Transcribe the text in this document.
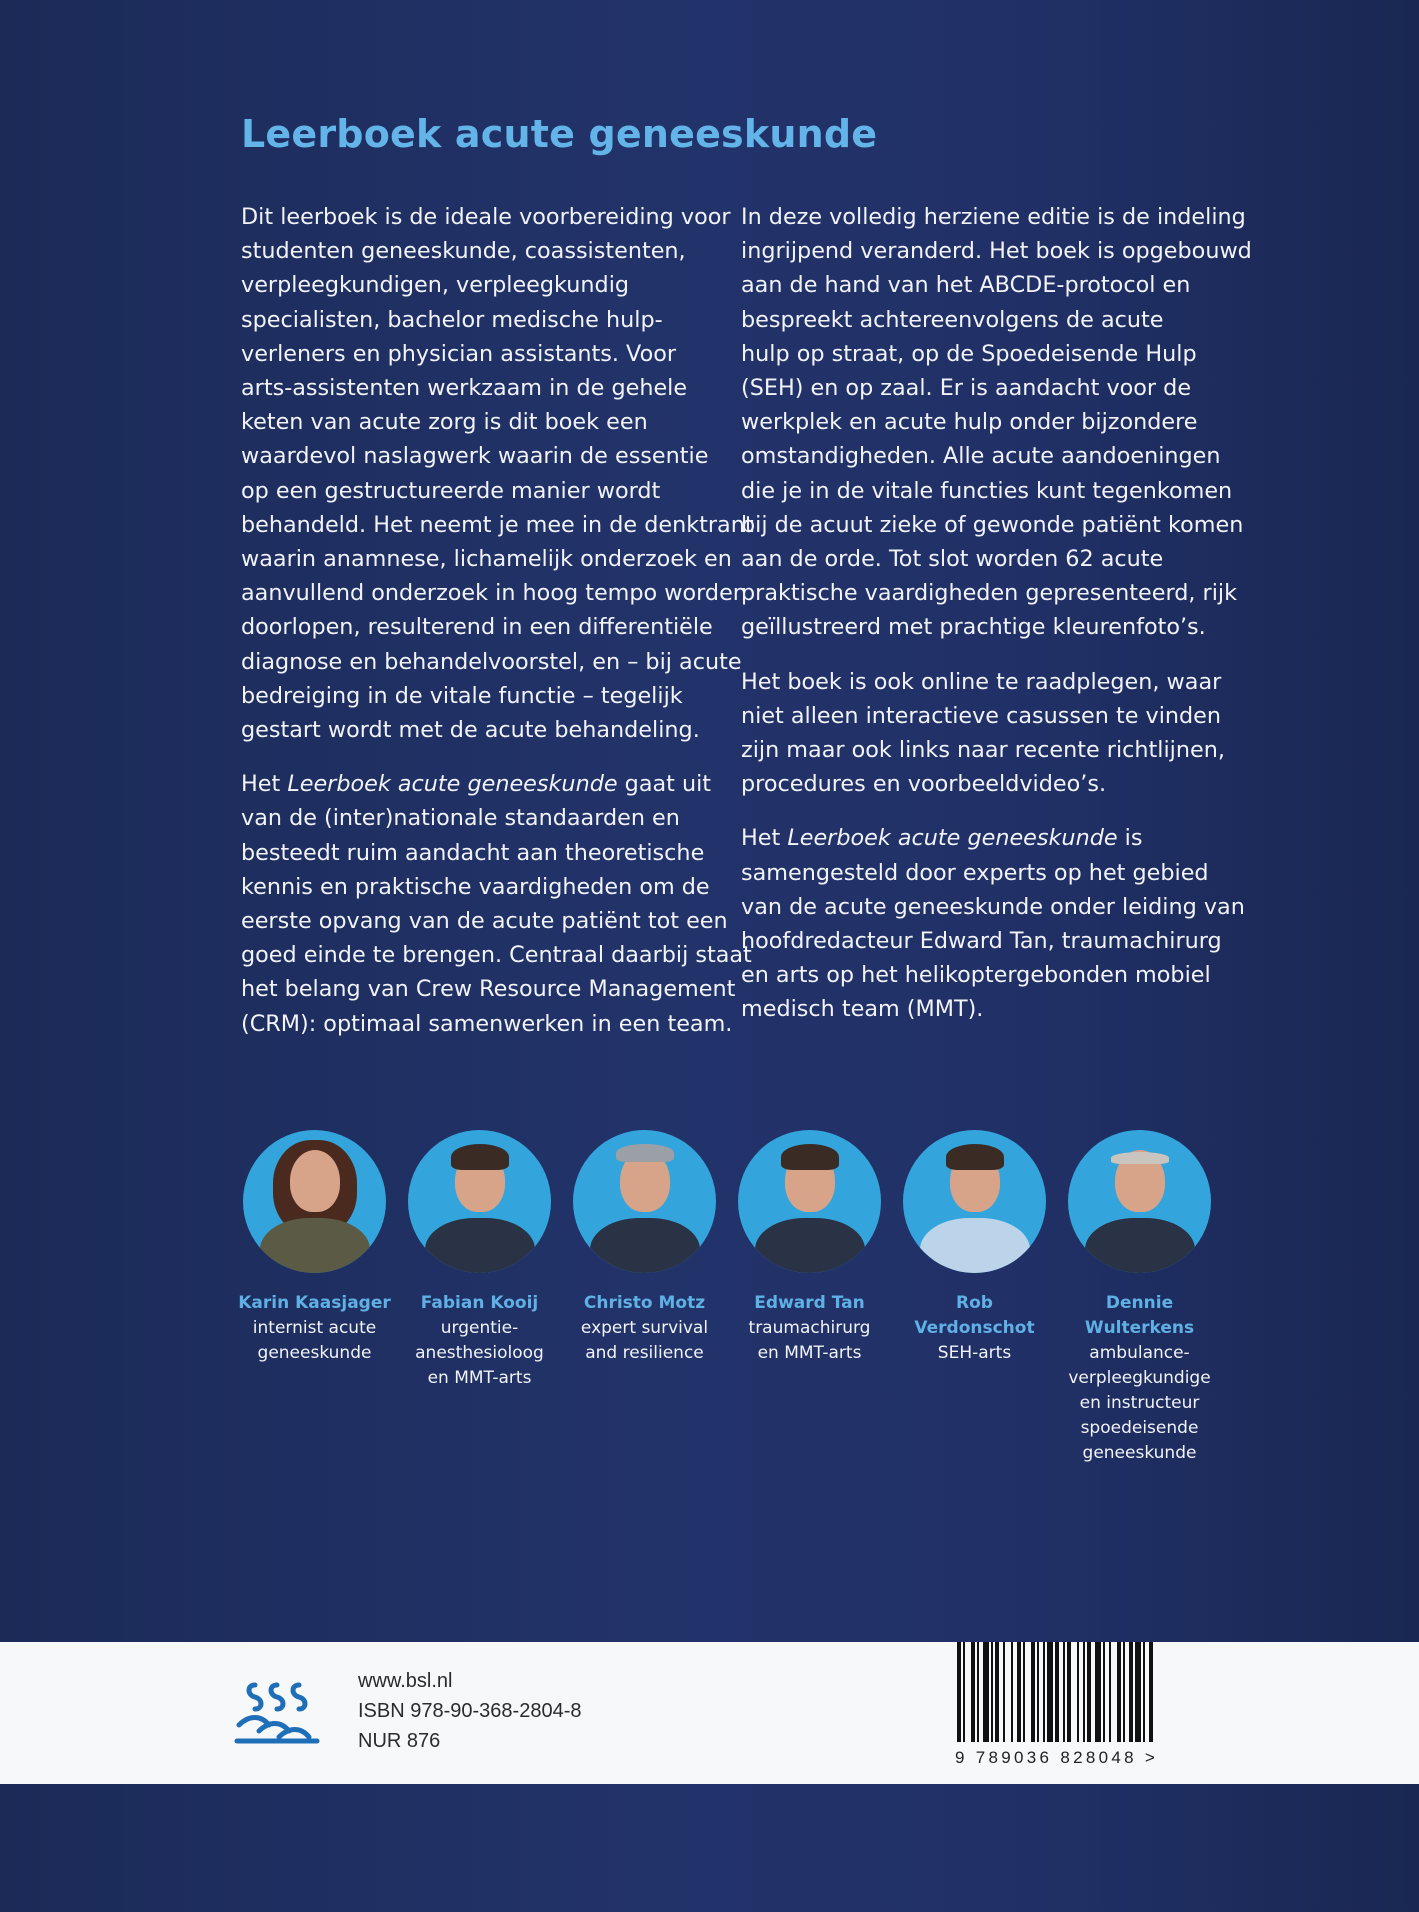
Leerboek acute geneeskunde

Dit leerboek is de ideale voorbereiding voor
studenten geneeskunde, coassistenten,
verpleegkundigen, verpleegkundig
specialisten, bachelor medische hulp-
verleners en physician assistants. Voor
arts-assistenten werkzaam in de gehele
keten van acute zorg is dit boek een
waardevol naslagwerk waarin de essentie
op een gestructureerde manier wordt
behandeld. Het neemt je mee in de denktrant
waarin anamnese, lichamelijk onderzoek en
aanvullend onderzoek in hoog tempo worden
doorlopen, resulterend in een differentiële
diagnose en behandelvoorstel, en – bij acute
bedreiging in de vitale functie – tegelijk
gestart wordt met de acute behandeling.

Het Leerboek acute geneeskunde gaat uit
van de (inter)nationale standaarden en
besteedt ruim aandacht aan theoretische
kennis en praktische vaardigheden om de
eerste opvang van de acute patiënt tot een
goed einde te brengen. Centraal daarbij staat
het belang van Crew Resource Management
(CRM): optimaal samenwerken in een team.

In deze volledig herziene editie is de indeling
ingrijpend veranderd. Het boek is opgebouwd
aan de hand van het ABCDE-protocol en
bespreekt achtereenvolgens de acute
hulp op straat, op de Spoedeisende Hulp
(SEH) en op zaal. Er is aandacht voor de
werkplek en acute hulp onder bijzondere
omstandigheden. Alle acute aandoeningen
die je in de vitale functies kunt tegenkomen
bij de acuut zieke of gewonde patiënt komen
aan de orde. Tot slot worden 62 acute
praktische vaardigheden gepresenteerd, rijk
geïllustreerd met prachtige kleurenfoto’s.

Het boek is ook online te raadplegen, waar
niet alleen interactieve casussen te vinden
zijn maar ook links naar recente richtlijnen,
procedures en voorbeeldvideo’s.

Het Leerboek acute geneeskunde is
samengesteld door experts op het gebied
van de acute geneeskunde onder leiding van
hoofdredacteur Edward Tan, traumachirurg
en arts op het helikoptergebonden mobiel
medisch team (MMT).

Karin Kaasjager
internist acute
geneeskunde
Fabian Kooij
urgentie-
anesthesioloog
en MMT-arts
Christo Motz
expert survival
and resilience
Edward Tan
traumachirurg
en MMT-arts
Rob
Verdonschot
SEH-arts
Dennie
Wulterkens
ambulance-
verpleegkundige
en instructeur
spoedeisende
geneeskunde
www.bsl.nl
ISBN 978-90-368-2804-8
NUR 876
9 789036 828048 >
